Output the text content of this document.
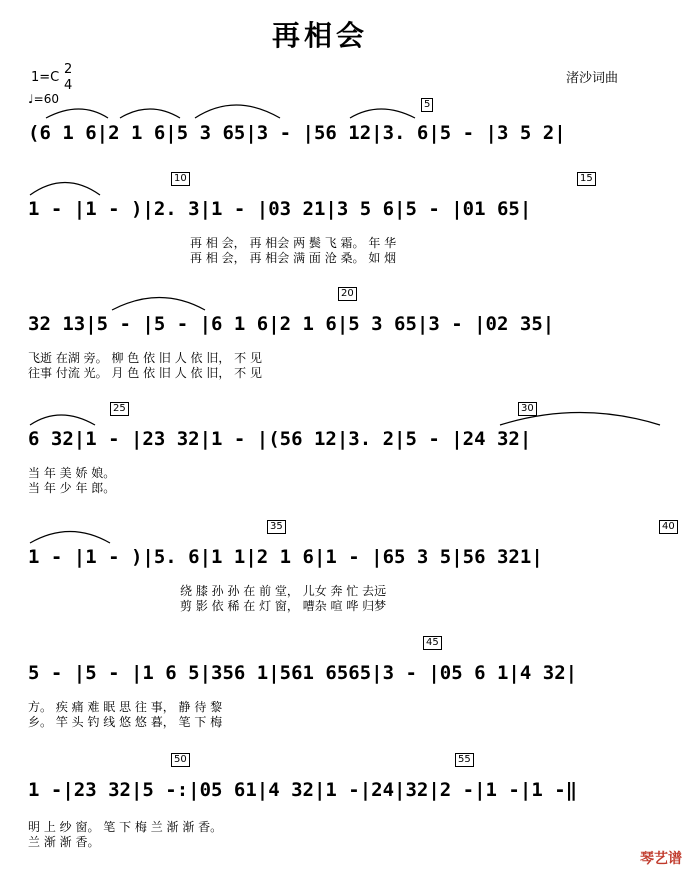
再相会
1=C
2
4
♩=60
渚沙词曲
5
10	15
20
25	30
35	40
45
50	55
(6 1 6|2 1 6|5 3 65|3 - |56 12|3. 6|5 - |3 5 2|
1 - |1 - )|2. 3|1 - |03 21|3 5 6|5 - |01 65|
再 相 会， 再 相会 两 鬓 飞 霜。 年 华
再 相 会， 再 相会 满 面 沧 桑。 如 烟
32 13|5 - |5 - |6 1 6|2 1 6|5 3 65|3 - |02 35|
飞逝 在湖 旁。 柳 色 依 旧 人 依 旧， 不 见
往事 付流 光。 月 色 依 旧 人 依 旧， 不 见
6 32|1 - |23 32|1 - |(56 12|3. 2|5 - |24 32|
当 年 美 娇 娘。
当 年 少 年 郎。
1 - |1 - )|5. 6|1 1|2 1 6|1 - |65 3 5|56 321|
绕 膝 孙 孙 在 前 堂， 儿女 奔 忙 去远
剪 影 依 稀 在 灯 窗， 嘈杂 喧 哗 归梦
5 - |5 - |1 6 5|356 1|561 6565|3 - |05 6 1|4 32|
方。 疾 痛 难 眠 思 往 事， 静 待 黎
乡。 竿 头 钓 线 悠 悠 暮， 笔 下 梅
1 -|23 32|5 -:|05 61|4 32|1 -|24|32|2 -|1 -|1 -‖
明 上 纱 窗。 笔 下 梅 兰 渐 渐 香。
兰 渐 渐 香。
琴艺谱
